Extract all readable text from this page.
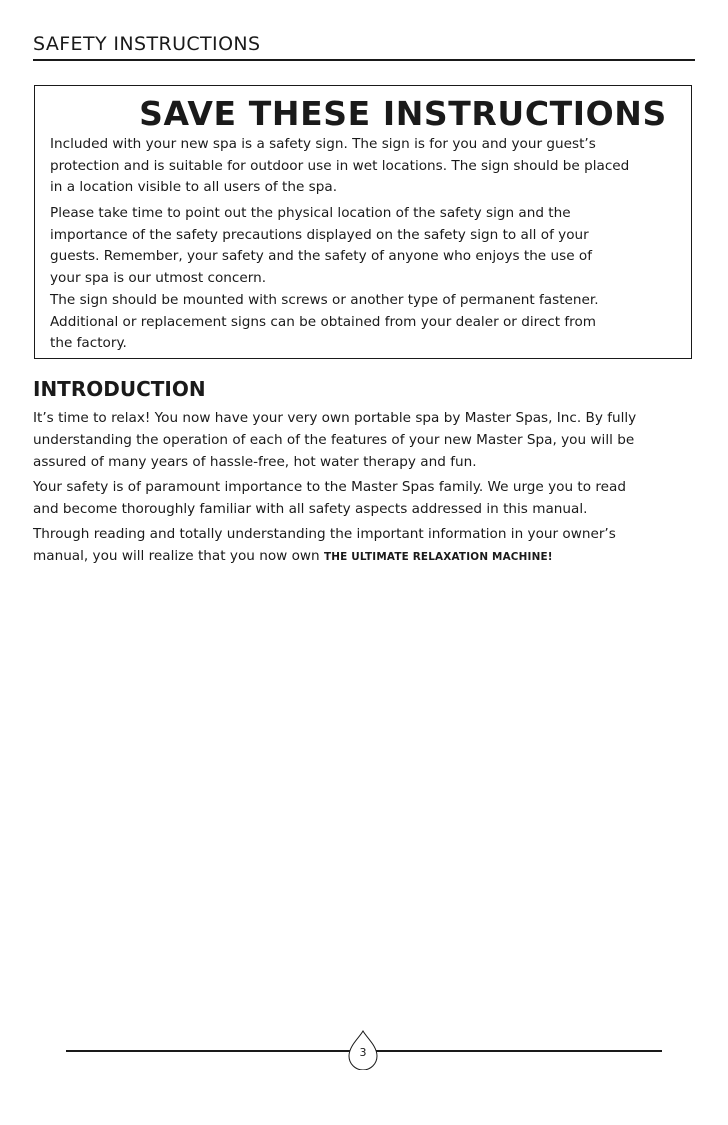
SAFETY INSTRUCTIONS
SAVE THESE INSTRUCTIONS
Included with your new spa is a safety sign. The sign is for you and your guest’s
protection and is suitable for outdoor use in wet locations. The sign should be placed
in a location visible to all users of the spa.
Please take time to point out the physical location of the safety sign and the
importance of the safety precautions displayed on the safety sign to all of your
guests. Remember, your safety and the safety of anyone who enjoys the use of
your spa is our utmost concern.
The sign should be mounted with screws or another type of permanent fastener.
Additional or replacement signs can be obtained from your dealer or direct from
the factory.
INTRODUCTION
It’s time to relax! You now have your very own portable spa by Master Spas, Inc. By fully
understanding the operation of each of the features of your new Master Spa, you will be
assured of many years of hassle-free, hot water therapy and fun.
Your safety is of paramount importance to the Master Spas family. We urge you to read
and become thoroughly familiar with all safety aspects addressed in this manual.
Through reading and totally understanding the important information in your owner’s
manual, you will realize that you now own THE ULTIMATE RELAXATION MACHINE!
3
